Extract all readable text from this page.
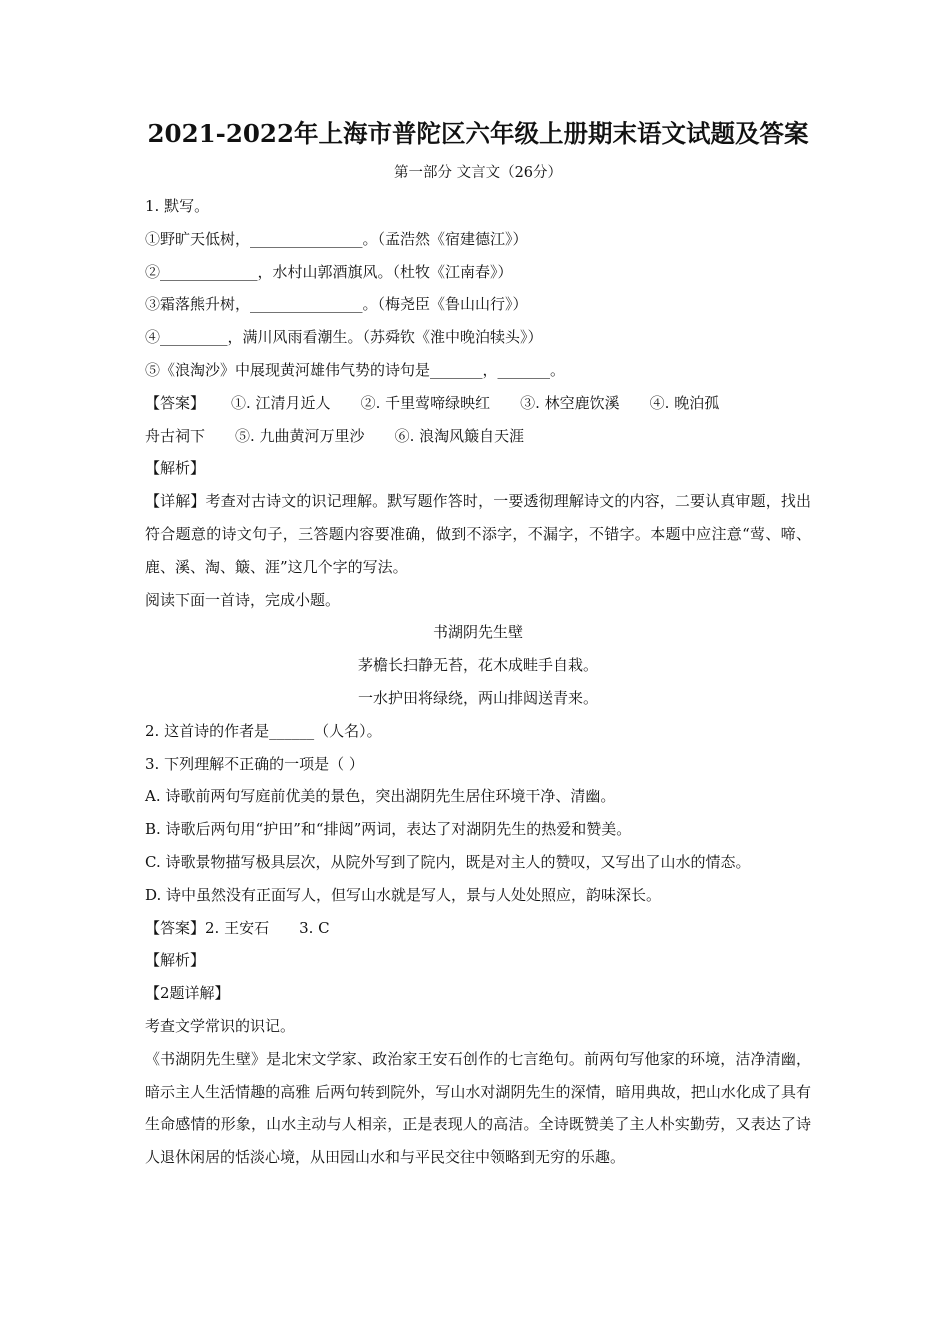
2021-2022年上海市普陀区六年级上册期末语文试题及答案
第一部分 文言文（26分）
1. 默写。
①野旷天低树，_______________。（孟浩然《宿建德江》）
②_____________，水村山郭酒旗风。（杜牧《江南春》）
③霜落熊升树，_______________。（梅尧臣《鲁山山行》）
④_________，满川风雨看潮生。（苏舜钦《淮中晚泊犊头》）
⑤《浪淘沙》中展现黄河雄伟气势的诗句是_______，_______。
【答案】 ①. 江清月近人 ②. 千里莺啼绿映红 ③. 林空鹿饮溪 ④. 晚泊孤
舟古祠下 ⑤. 九曲黄河万里沙 ⑥. 浪淘风簸自天涯
【解析】
【详解】考查对古诗文的识记理解。默写题作答时，一要透彻理解诗文的内容，二要认真审题，找出符合题意的诗文句子，三答题内容要准确，做到不添字，不漏字，不错字。本题中应注意“莺、啼、鹿、溪、淘、簸、涯”这几个字的写法。
阅读下面一首诗，完成小题。
书湖阴先生壁
茅檐长扫静无苔，花木成畦手自栽。
一水护田将绿绕，两山排闼送青来。
2. 这首诗的作者是______（人名）。
3. 下列理解不正确的一项是（ ）
A. 诗歌前两句写庭前优美的景色，突出湖阴先生居住环境干净、清幽。
B. 诗歌后两句用“护田”和“排闼”两词，表达了对湖阴先生的热爱和赞美。
C. 诗歌景物描写极具层次，从院外写到了院内，既是对主人的赞叹，又写出了山水的情态。
D. 诗中虽然没有正面写人，但写山水就是写人，景与人处处照应，韵味深长。
【答案】2. 王安石 3. C
【解析】
【2题详解】
考查文学常识的识记。
《书湖阴先生壁》是北宋文学家、政治家王安石创作的七言绝句。前两句写他家的环境，洁净清幽，暗示主人生活情趣的高雅 后两句转到院外，写山水对湖阴先生的深情，暗用典故，把山水化成了具有生命感情的形象，山水主动与人相亲，正是表现人的高洁。全诗既赞美了主人朴实勤劳，又表达了诗人退休闲居的恬淡心境，从田园山水和与平民交往中领略到无穷的乐趣。
